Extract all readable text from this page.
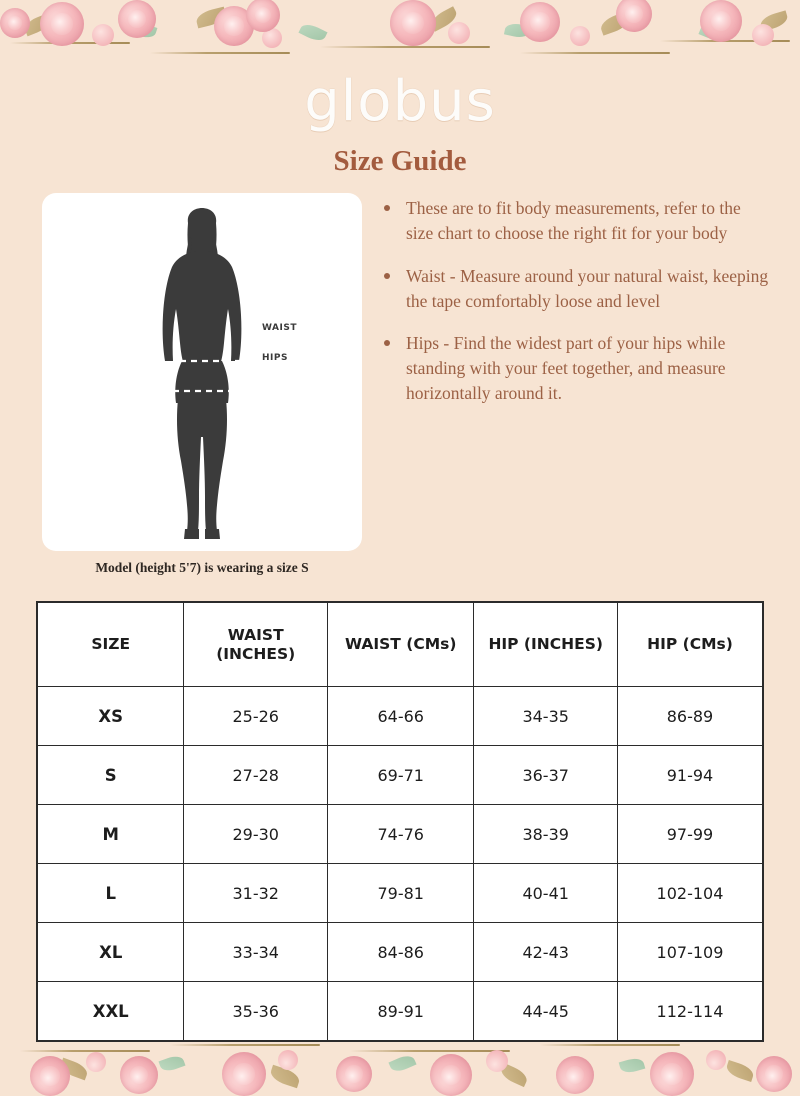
globus
Size Guide
WAIST
HIPS
Model (height 5'7) is wearing a size S
These are to fit body measurements, refer to the size chart to choose the right fit for your body
Waist - Measure around your natural waist, keeping the tape comfortably loose and level
Hips - Find the widest part of your hips while standing with your feet together, and measure horizontally around it.
SIZE	WAIST (INCHES)	WAIST (CMs)	HIP (INCHES)	HIP (CMs)
XS	25-26	64-66	34-35	86-89
S	27-28	69-71	36-37	91-94
M	29-30	74-76	38-39	97-99
L	31-32	79-81	40-41	102-104
XL	33-34	84-86	42-43	107-109
XXL	35-36	89-91	44-45	112-114
